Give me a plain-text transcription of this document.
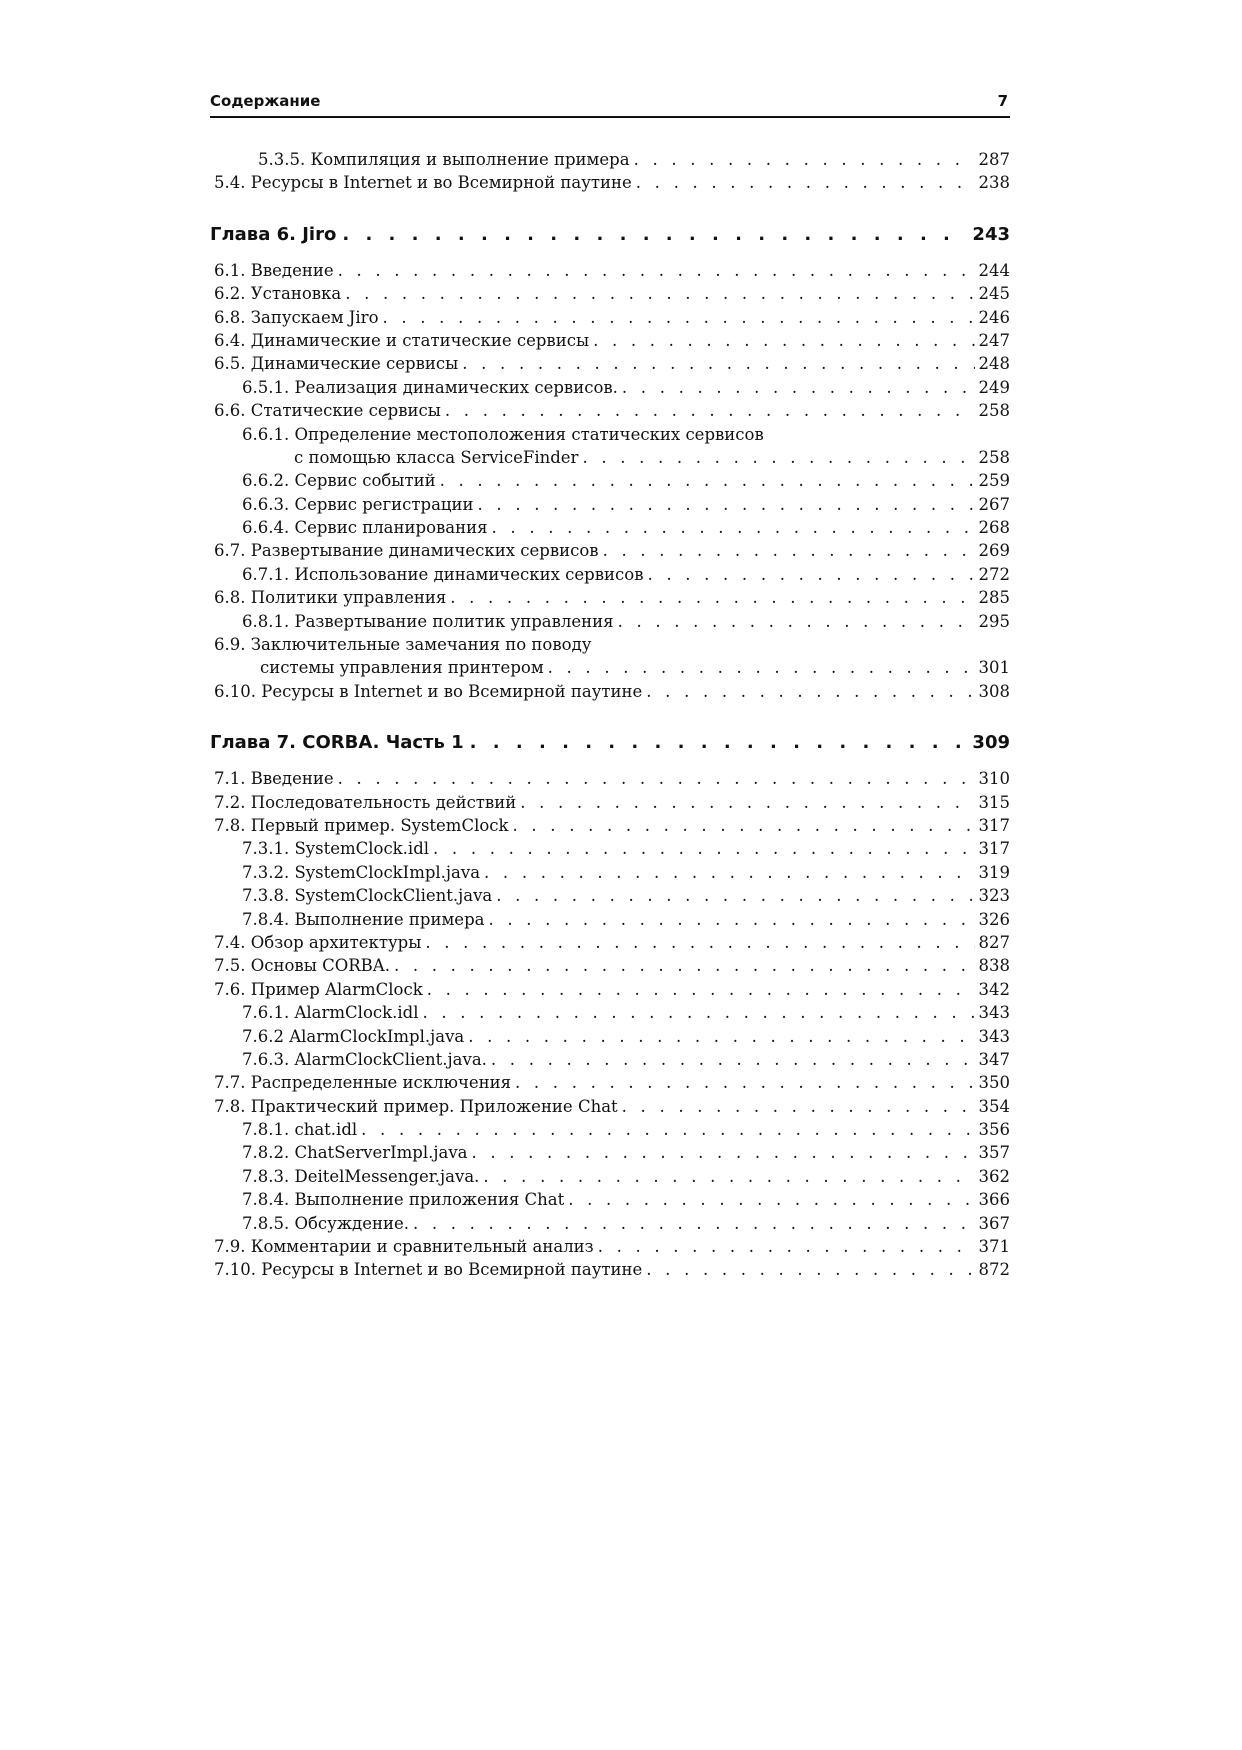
Содержание	7
5.3.5. Компиляция и выполнение примера . . .	287
5.4. Ресурсы в Internet и во Всемирной паутине . . .	238
Глава 6. Jiro . . .	243
6.1. Введение . . .	244
6.2. Установка . . .	245
6.8. Запускаем Jiro . . .	246
6.4. Динамические и статические сервисы . . .	247
6.5. Динамические сервисы . . .	248
6.5.1. Реализация динамических сервисов. . . .	249
6.6. Статические сервисы . . .	258
6.6.1. Определение местоположения статических сервисов
с помощью класса ServiceFinder . . .	258
6.6.2. Сервис событий . . .	259
6.6.3. Сервис регистрации . . .	267
6.6.4. Сервис планирования . . .	268
6.7. Развертывание динамических сервисов . . .	269
6.7.1. Использование динамических сервисов . . .	272
6.8. Политики управления . . .	285
6.8.1. Развертывание политик управления . . .	295
6.9. Заключительные замечания по поводу
системы управления принтером . . .	301
6.10. Ресурсы в Internet и во Всемирной паутине . . .	308
Глава 7. CORBA. Часть 1 . . .	309
7.1. Введение . . .	310
7.2. Последовательность действий . . .	315
7.8. Первый пример. SystemClock . . .	317
7.3.1. SystemClock.idl . . .	317
7.3.2. SystemClockImpl.java . . .	319
7.3.8. SystemClockClient.java . . .	323
7.8.4. Выполнение примера . . .	326
7.4. Обзор архитектуры . . .	827
7.5. Основы CORBA. . . .	838
7.6. Пример AlarmClock . . .	342
7.6.1. AlarmClock.idl . . .	343
7.6.2 AlarmClockImpl.java . . .	343
7.6.3. AlarmClockClient.java. . . .	347
7.7. Распределенные исключения . . .	350
7.8. Практический пример. Приложение Chat . . .	354
7.8.1. chat.idl . . .	356
7.8.2. ChatServerImpl.java . . .	357
7.8.3. DeitelMessenger.java. . . .	362
7.8.4. Выполнение приложения Chat . . .	366
7.8.5. Обсуждение. . . .	367
7.9. Комментарии и сравнительный анализ . . .	371
7.10. Ресурсы в Internet и во Всемирной паутине . . .	872
